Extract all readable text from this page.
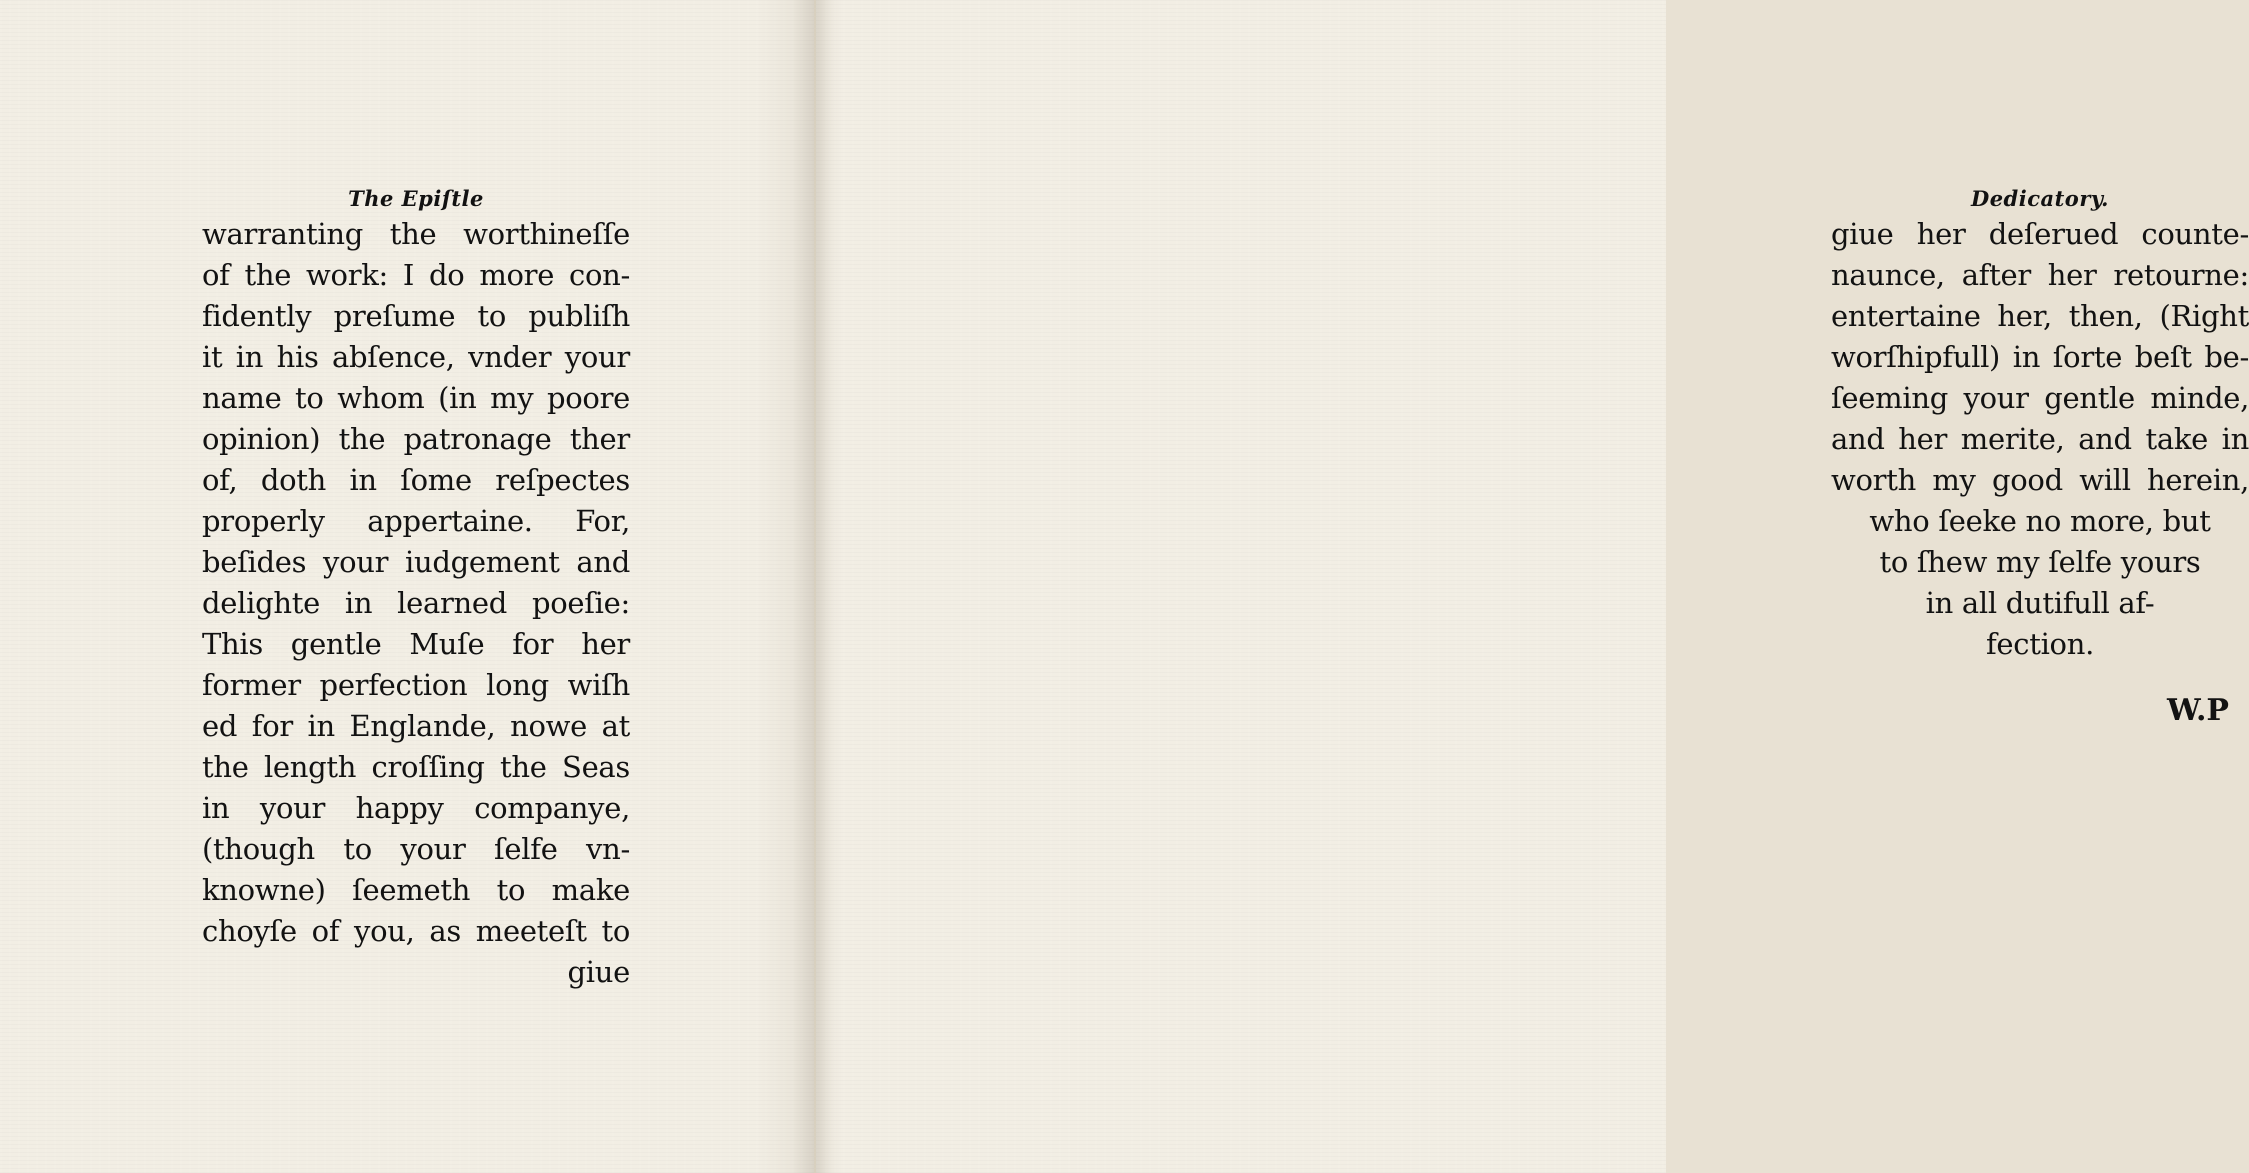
The Epiſtle
warranting the worthineſſe
of the work: I do more con-
fidently preſume to publiſh
it in his abſence, vnder your
name to whom (in my poore
opinion) the patronage ther
of, doth in ſome reſpectes
properly appertaine. For,
beſides your iudgement and
delighte in learned poeſie:
This gentle Muſe for her
former perfection long wiſh
ed for in Englande, nowe at
the length croſſing the Seas
in your happy companye,
(though to your ſelfe vn-
knowne) ſeemeth to make
choyſe of you, as meeteſt to
giue
Dedicatory.
giue her deſerued counte-
naunce, after her retourne:
entertaine her, then, (Right
worſhipfull) in ſorte beſt be-
ſeeming your gentle minde,
and her merite, and take in
worth my good will herein,
who ſeeke no more, but
to ſhew my ſelfe yours
in all dutifull af-
fection.
W.P
